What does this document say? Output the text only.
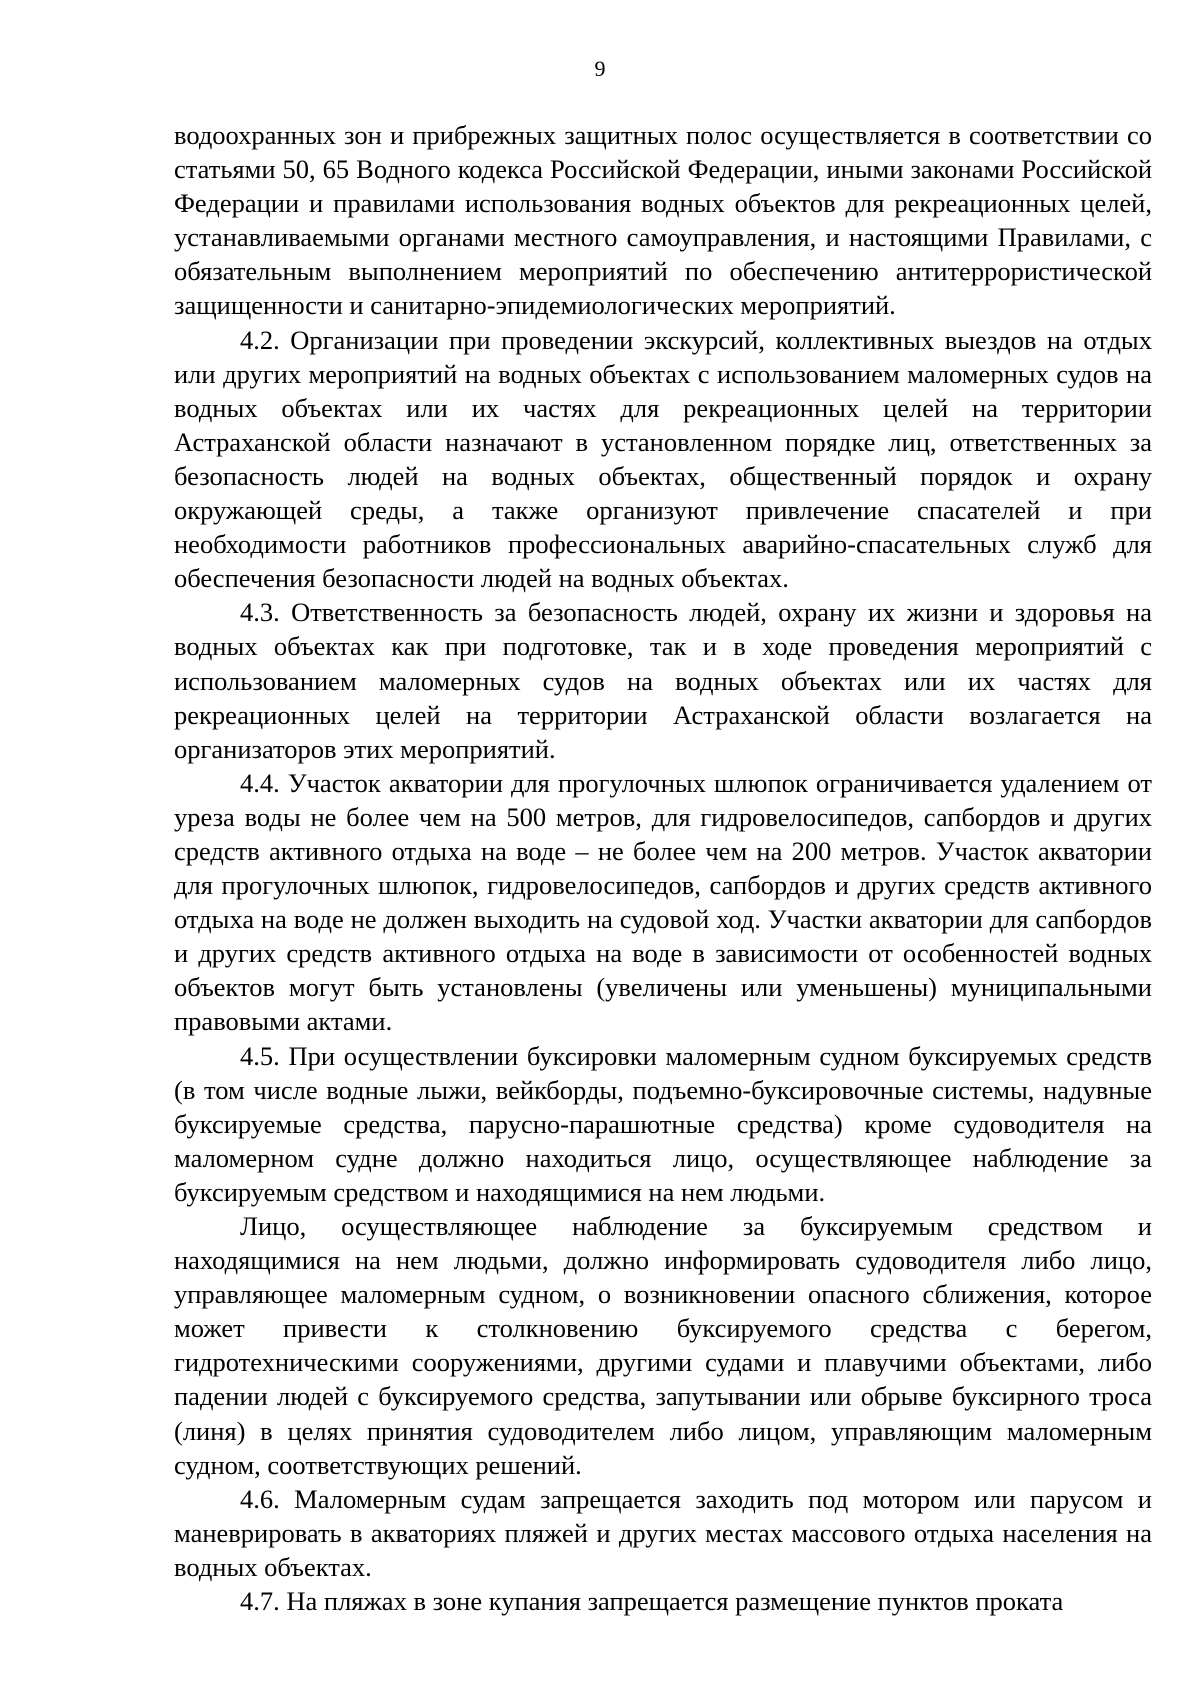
9

водоохранных зон и прибрежных защитных полос осуществляется в соответствии со статьями 50, 65 Водного кодекса Российской Федерации, иными законами Российской Федерации и правилами использования водных объектов для рекреационных целей, устанавливаемыми органами местного самоуправления, и настоящими Правилами, с обязательным выполнением мероприятий по обеспечению антитеррористической защищенности и санитарно-эпидемиологических мероприятий.

4.2. Организации при проведении экскурсий, коллективных выездов на отдых или других мероприятий на водных объектах с использованием маломерных судов на водных объектах или их частях для рекреационных целей на территории Астраханской области назначают в установленном порядке лиц, ответственных за безопасность людей на водных объектах, общественный порядок и охрану окружающей среды, а также организуют привлечение спасателей и при необходимости работников профессиональных аварийно-спасательных служб для обеспечения безопасности людей на водных объектах.

4.3. Ответственность за безопасность людей, охрану их жизни и здоровья на водных объектах как при подготовке, так и в ходе проведения мероприятий с использованием маломерных судов на водных объектах или их частях для рекреационных целей на территории Астраханской области возлагается на организаторов этих мероприятий.

4.4. Участок акватории для прогулочных шлюпок ограничивается удалением от уреза воды не более чем на 500 метров, для гидровелосипедов, сапбордов и других средств активного отдыха на воде – не более чем на 200 метров. Участок акватории для прогулочных шлюпок, гидровелосипедов, сапбордов и других средств активного отдыха на воде не должен выходить на судовой ход. Участки акватории для сапбордов и других средств активного отдыха на воде в зависимости от особенностей водных объектов могут быть установлены (увеличены или уменьшены) муниципальными правовыми актами.

4.5. При осуществлении буксировки маломерным судном буксируемых средств (в том числе водные лыжи, вейкборды, подъемно-буксировочные системы, надувные буксируемые средства, парусно-парашютные средства) кроме судоводителя на маломерном судне должно находиться лицо, осуществляющее наблюдение за буксируемым средством и находящимися на нем людьми.

Лицо, осуществляющее наблюдение за буксируемым средством и находящимися на нем людьми, должно информировать судоводителя либо лицо, управляющее маломерным судном, о возникновении опасного сближения, которое может привести к столкновению буксируемого средства с берегом, гидротехническими сооружениями, другими судами и плавучими объектами, либо падении людей с буксируемого средства, запутывании или обрыве буксирного троса (линя) в целях принятия судоводителем либо лицом, управляющим маломерным судном, соответствующих решений.

4.6. Маломерным судам запрещается заходить под мотором или парусом и маневрировать в акваториях пляжей и других местах массового отдыха населения на водных объектах.

4.7. На пляжах в зоне купания запрещается размещение пунктов проката
